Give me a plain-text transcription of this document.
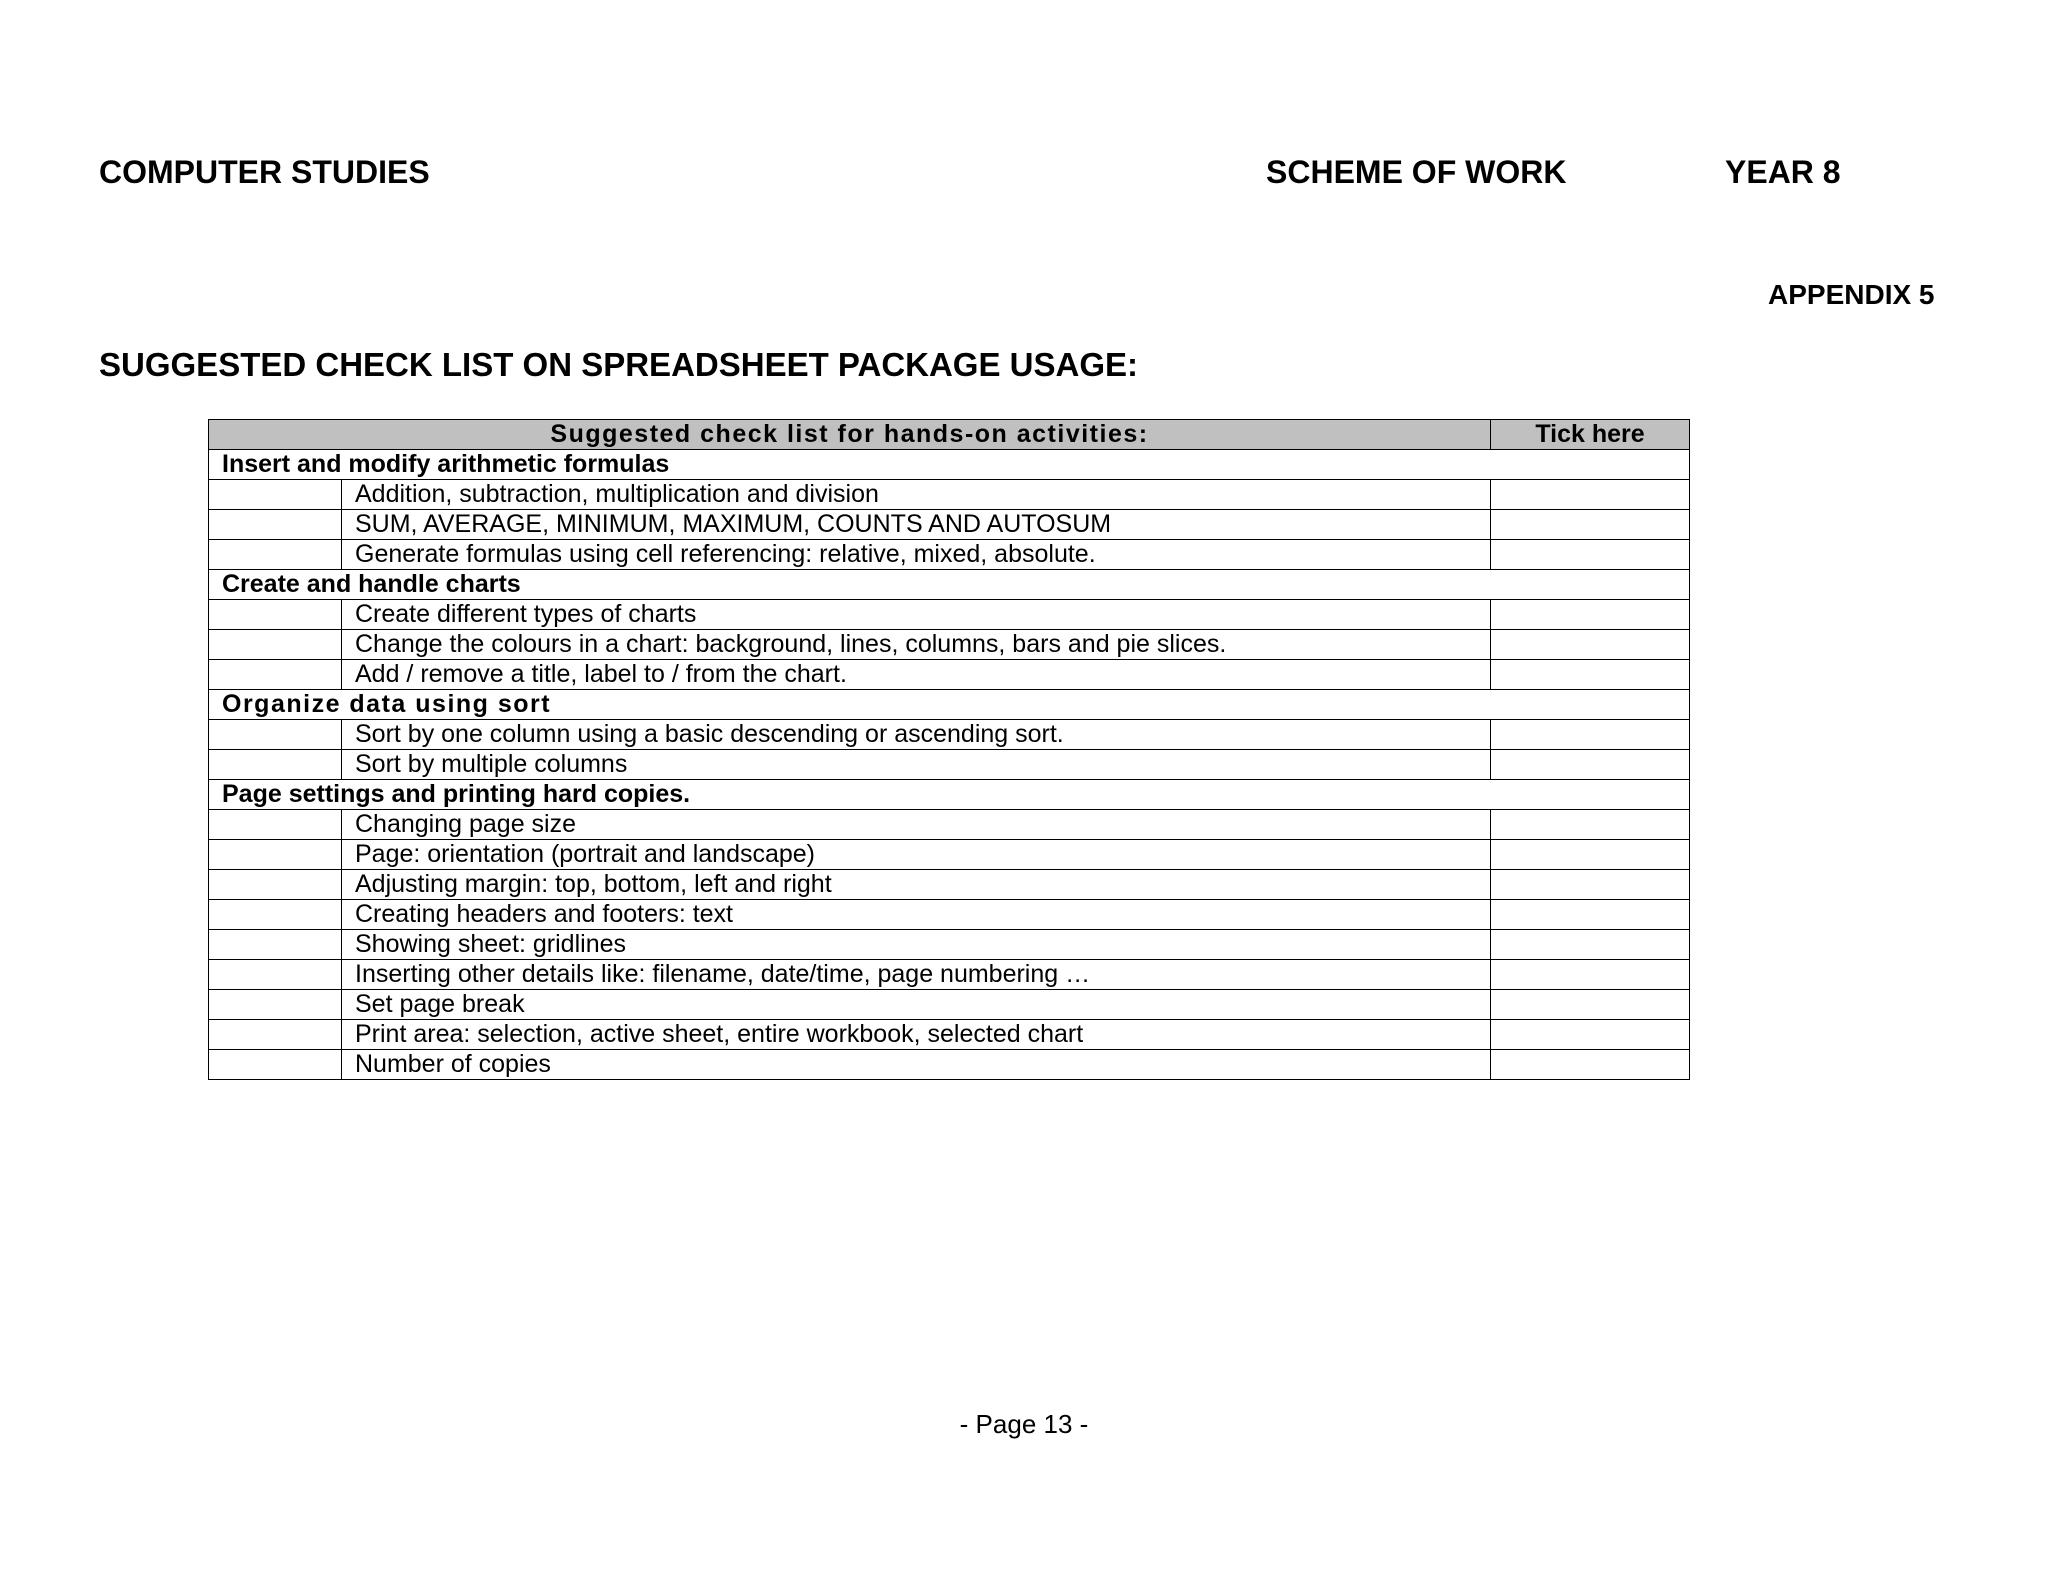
COMPUTER STUDIES	SCHEME OF WORK	YEAR 8
APPENDIX 5
SUGGESTED CHECK LIST ON SPREADSHEET PACKAGE USAGE:
Suggested check list for hands-on activities:		Tick here
Insert and modify arithmetic formulas		
	Addition, subtraction, multiplication and division	
	SUM, AVERAGE, MINIMUM, MAXIMUM, COUNTS AND AUTOSUM	
	Generate formulas using cell referencing: relative, mixed, absolute.	
Create and handle charts		
	Create different types of charts	
	Change the colours in a chart: background, lines, columns, bars and pie slices.	
	Add / remove a title, label to / from the chart.	
Organize data using sort		
	Sort by one column using a basic descending or ascending sort.	
	Sort by multiple columns	
Page settings and printing hard copies.		
	Changing page size	
	Page: orientation (portrait and landscape)	
	Adjusting margin: top, bottom, left and right	
	Creating headers and footers: text	
	Showing sheet: gridlines	
	Inserting other details like: filename, date/time, page numbering …	
	Set page break	
	Print area: selection, active sheet, entire workbook, selected chart	
	Number of copies	
- Page 13 -
